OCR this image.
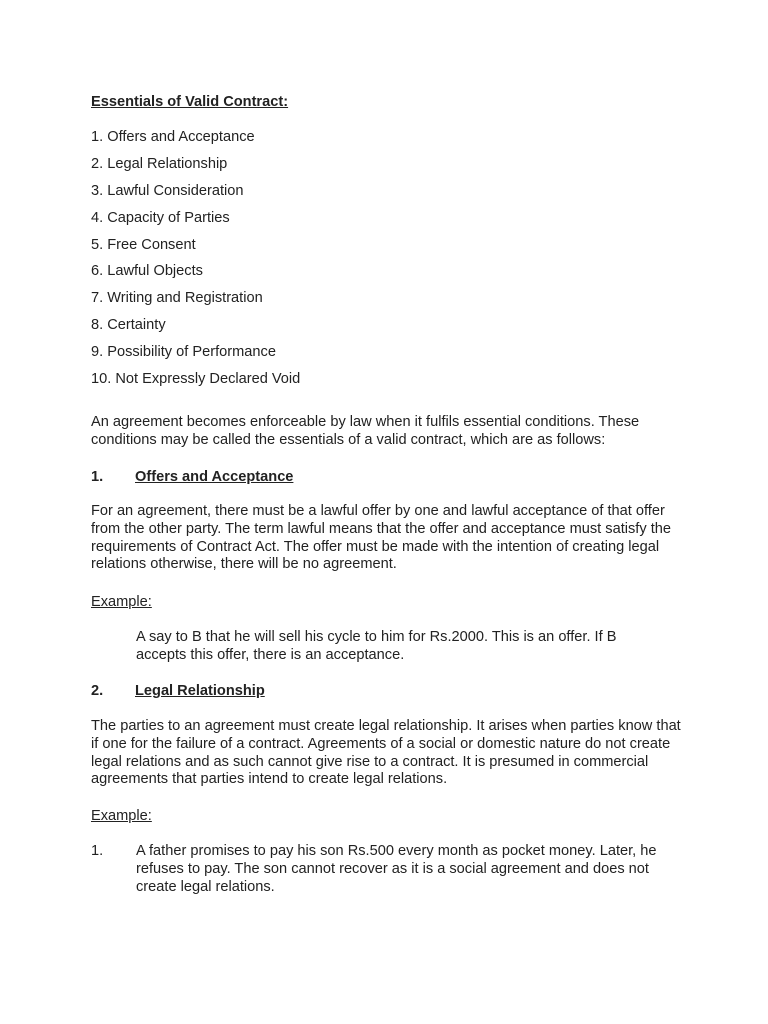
Essentials of Valid Contract:
1. Offers and Acceptance
2. Legal Relationship
3. Lawful Consideration
4. Capacity of Parties
5. Free Consent
6. Lawful Objects
7. Writing and Registration
8. Certainty
9. Possibility of Performance
10. Not Expressly Declared Void

An agreement becomes enforceable by law when it fulfils essential conditions. These conditions may be called the essentials of a valid contract, which are as follows:

1. Offers and Acceptance

For an agreement, there must be a lawful offer by one and lawful acceptance of that offer from the other party. The term lawful means that the offer and acceptance must satisfy the requirements of Contract Act. The offer must be made with the intention of creating legal relations otherwise, there will be no agreement.

Example:

A say to B that he will sell his cycle to him for Rs.2000. This is an offer. If B accepts this offer, there is an acceptance.

2. Legal Relationship

The parties to an agreement must create legal relationship. It arises when parties know that if one for the failure of a contract. Agreements of a social or domestic nature do not create legal relations and as such cannot give rise to a contract. It is presumed in commercial agreements that parties intend to create legal relations.

Example:
1. A father promises to pay his son Rs.500 every month as pocket money. Later, he refuses to pay. The son cannot recover as it is a social agreement and does not create legal relations.
